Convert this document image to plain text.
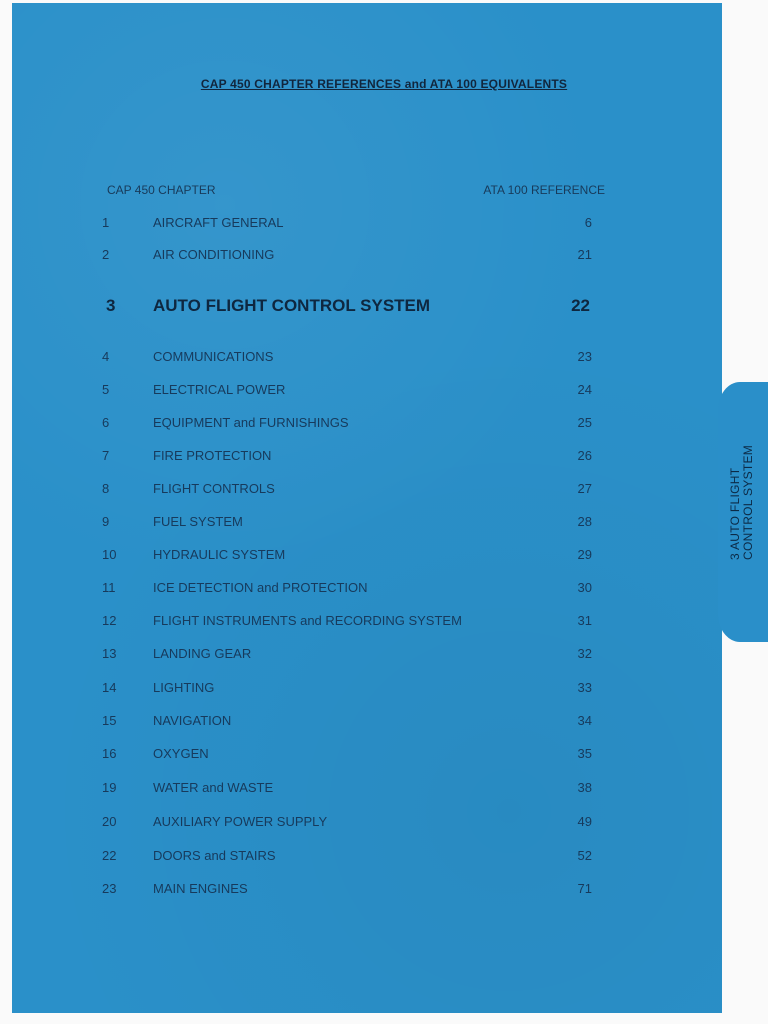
3 AUTO FLIGHT CONTROL SYSTEM
CAP 450 CHAPTER REFERENCES and ATA 100 EQUIVALENTS
CAP 450 CHAPTER	ATA 100 REFERENCE
1	AIRCRAFT GENERAL	6
2	AIR CONDITIONING	21
3	AUTO FLIGHT CONTROL SYSTEM	22
4	COMMUNICATIONS	23
5	ELECTRICAL POWER	24
6	EQUIPMENT and FURNISHINGS	25
7	FIRE PROTECTION	26
8	FLIGHT CONTROLS	27
9	FUEL SYSTEM	28
10	HYDRAULIC SYSTEM	29
11	ICE DETECTION and PROTECTION	30
12	FLIGHT INSTRUMENTS and RECORDING SYSTEM	31
13	LANDING GEAR	32
14	LIGHTING	33
15	NAVIGATION	34
16	OXYGEN	35
19	WATER and WASTE	38
20	AUXILIARY POWER SUPPLY	49
22	DOORS and STAIRS	52
23	MAIN ENGINES	71
